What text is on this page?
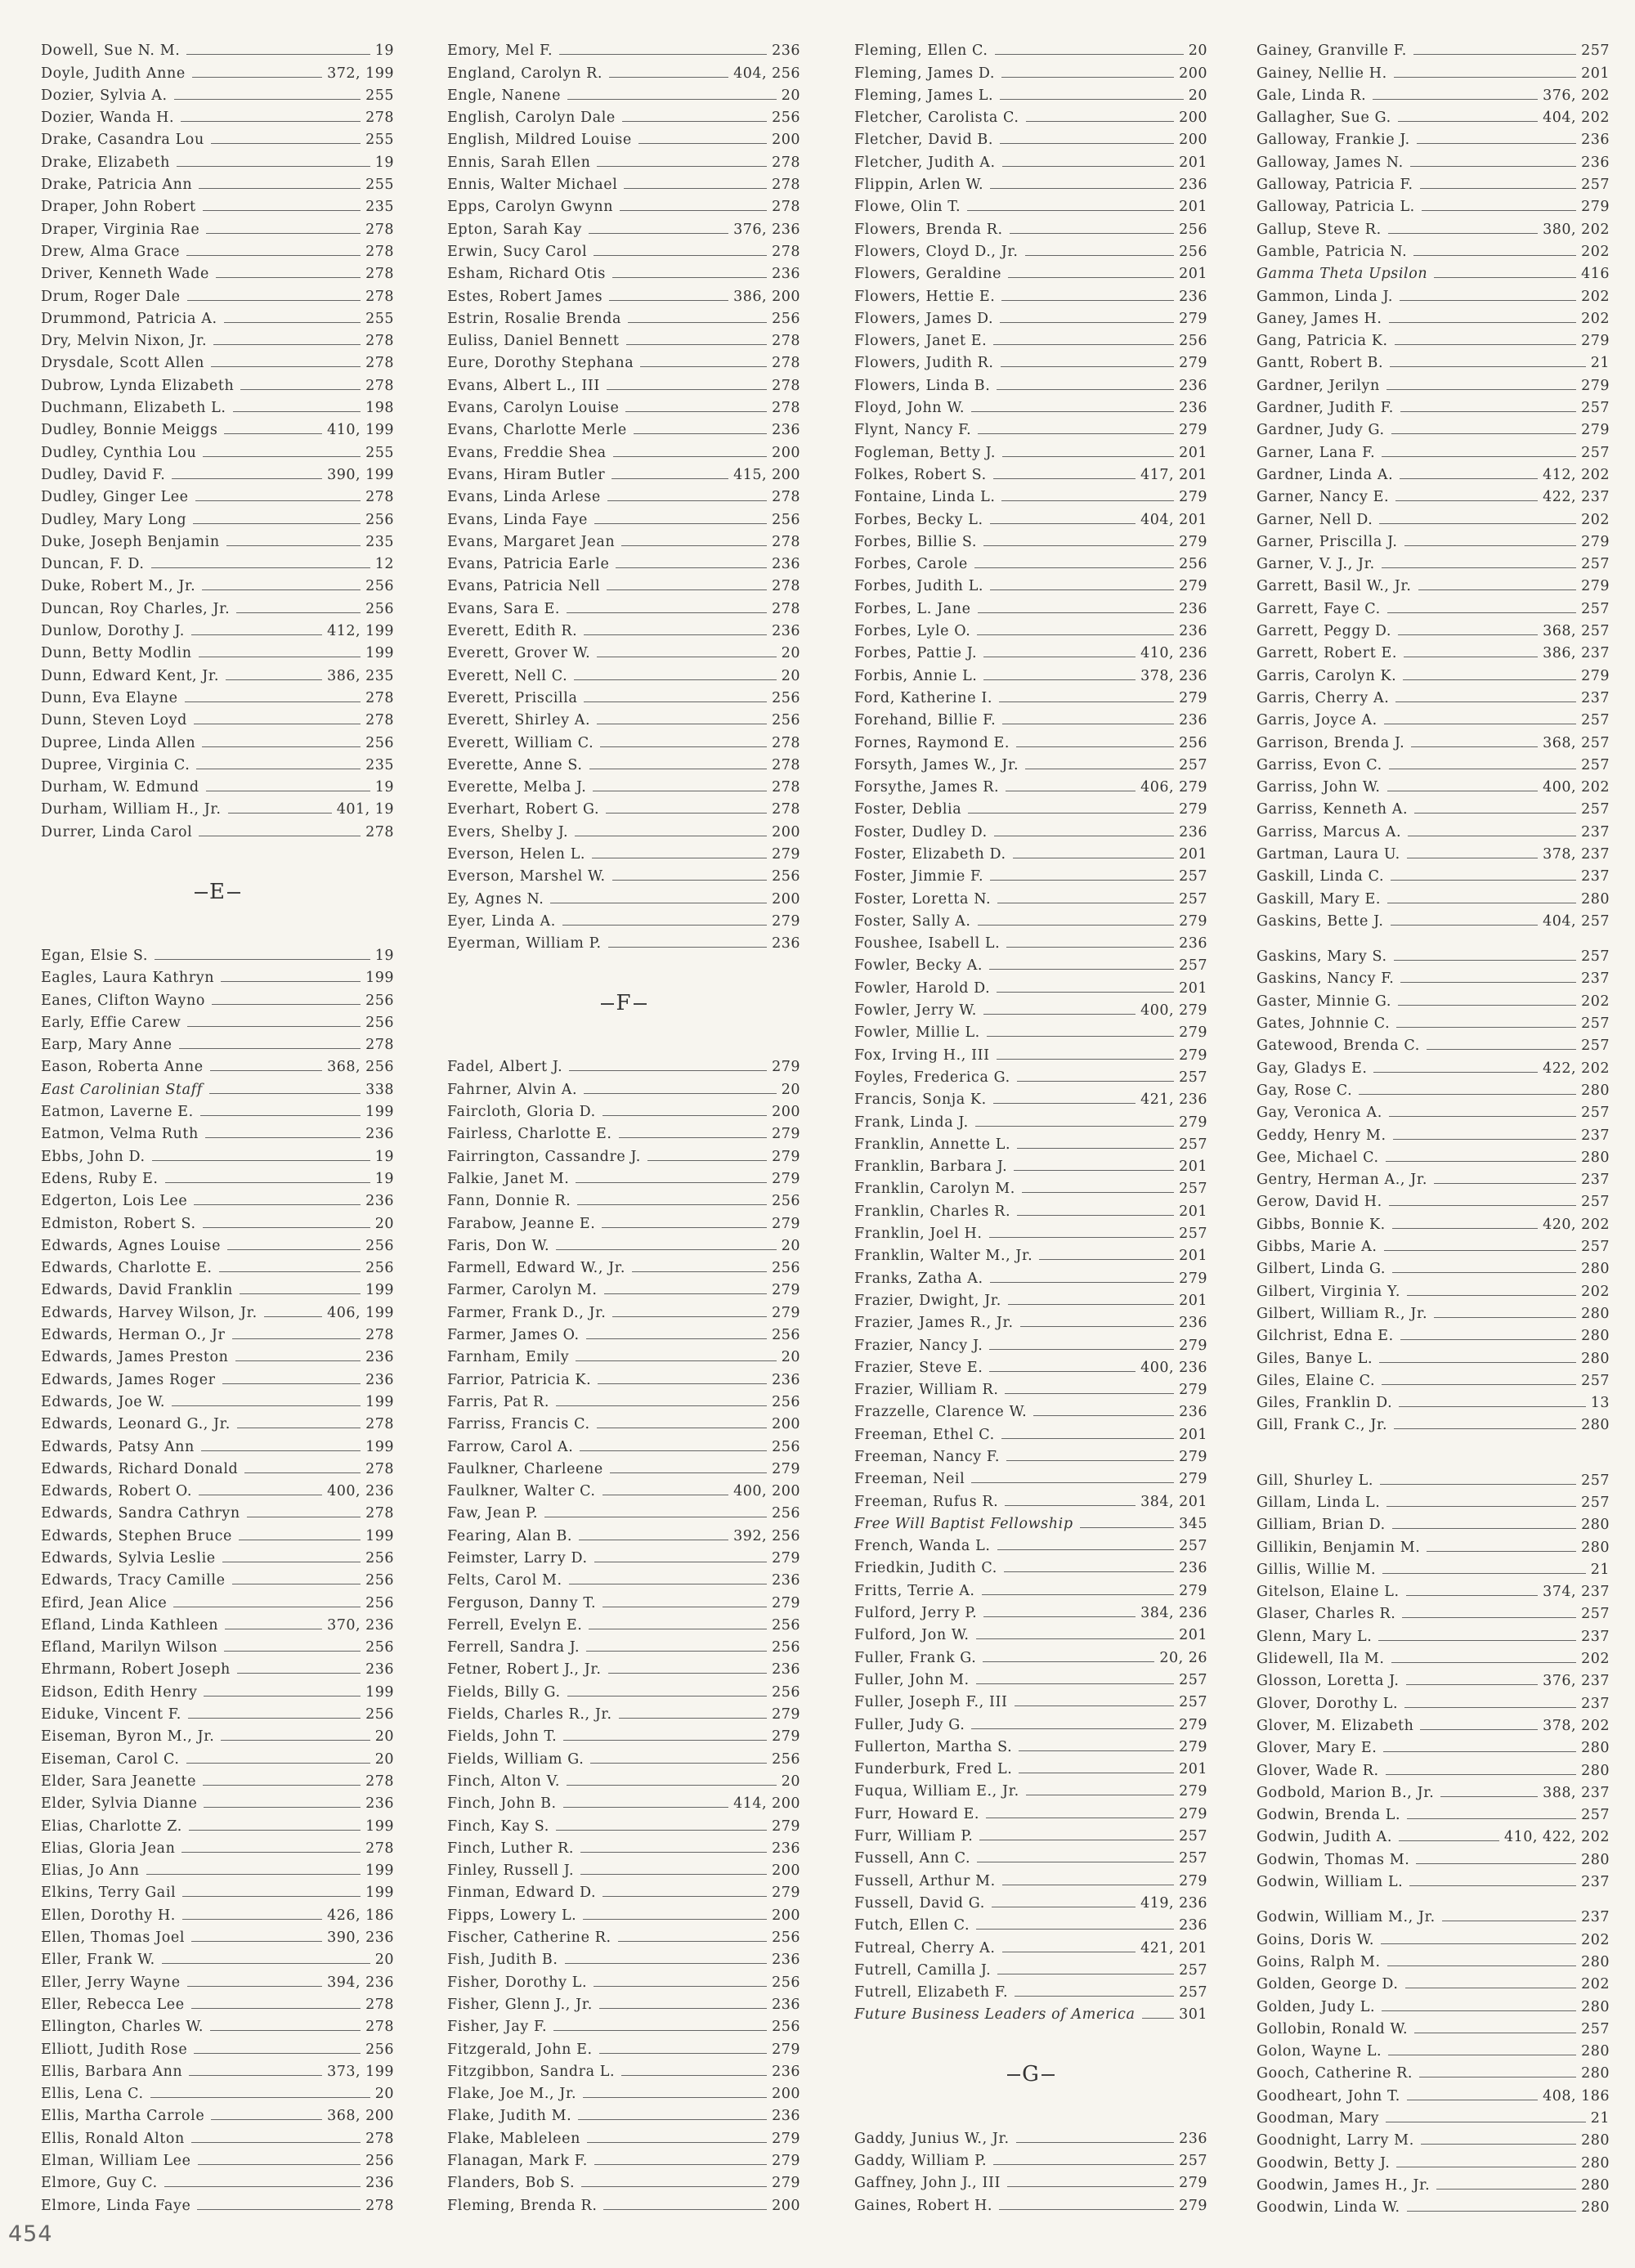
Dowell, Sue N. M.	19
Doyle, Judith Anne	372, 199
Dozier, Sylvia A.	255
Dozier, Wanda H.	278
Drake, Casandra Lou	255
Drake, Elizabeth	19
Drake, Patricia Ann	255
Draper, John Robert	235
Draper, Virginia Rae	278
Drew, Alma Grace	278
Driver, Kenneth Wade	278
Drum, Roger Dale	278
Drummond, Patricia A.	255
Dry, Melvin Nixon, Jr.	278
Drysdale, Scott Allen	278
Dubrow, Lynda Elizabeth	278
Duchmann, Elizabeth L.	198
Dudley, Bonnie Meiggs	410, 199
Dudley, Cynthia Lou	255
Dudley, David F.	390, 199
Dudley, Ginger Lee	278
Dudley, Mary Long	256
Duke, Joseph Benjamin	235
Duncan, F. D.	12
Duke, Robert M., Jr.	256
Duncan, Roy Charles, Jr.	256
Dunlow, Dorothy J.	412, 199
Dunn, Betty Modlin	199
Dunn, Edward Kent, Jr.	386, 235
Dunn, Eva Elayne	278
Dunn, Steven Loyd	278
Dupree, Linda Allen	256
Dupree, Virginia C.	235
Durham, W. Edmund	19
Durham, William H., Jr.	401, 19
Durrer, Linda Carol	278
E
Egan, Elsie S.	19
Eagles, Laura Kathryn	199
Eanes, Clifton Wayno	256
Early, Effie Carew	256
Earp, Mary Anne	278
Eason, Roberta Anne	368, 256
East Carolinian Staff	338
Eatmon, Laverne E.	199
Eatmon, Velma Ruth	236
Ebbs, John D.	19
Edens, Ruby E.	19
Edgerton, Lois Lee	236
Edmiston, Robert S.	20
Edwards, Agnes Louise	256
Edwards, Charlotte E.	256
Edwards, David Franklin	199
Edwards, Harvey Wilson, Jr.	406, 199
Edwards, Herman O., Jr	278
Edwards, James Preston	236
Edwards, James Roger	236
Edwards, Joe W.	199
Edwards, Leonard G., Jr.	278
Edwards, Patsy Ann	199
Edwards, Richard Donald	278
Edwards, Robert O.	400, 236
Edwards, Sandra Cathryn	278
Edwards, Stephen Bruce	199
Edwards, Sylvia Leslie	256
Edwards, Tracy Camille	256
Efird, Jean Alice	256
Efland, Linda Kathleen	370, 236
Efland, Marilyn Wilson	256
Ehrmann, Robert Joseph	236
Eidson, Edith Henry	199
Eiduke, Vincent F.	256
Eiseman, Byron M., Jr.	20
Eiseman, Carol C.	20
Elder, Sara Jeanette	278
Elder, Sylvia Dianne	236
Elias, Charlotte Z.	199
Elias, Gloria Jean	278
Elias, Jo Ann	199
Elkins, Terry Gail	199
Ellen, Dorothy H.	426, 186
Ellen, Thomas Joel	390, 236
Eller, Frank W.	20
Eller, Jerry Wayne	394, 236
Eller, Rebecca Lee	278
Ellington, Charles W.	278
Elliott, Judith Rose	256
Ellis, Barbara Ann	373, 199
Ellis, Lena C.	20
Ellis, Martha Carrole	368, 200
Ellis, Ronald Alton	278
Elman, William Lee	256
Elmore, Guy C.	236
Elmore, Linda Faye	278
Emory, Mel F.	236
England, Carolyn R.	404, 256
Engle, Nanene	20
English, Carolyn Dale	256
English, Mildred Louise	200
Ennis, Sarah Ellen	278
Ennis, Walter Michael	278
Epps, Carolyn Gwynn	278
Epton, Sarah Kay	376, 236
Erwin, Sucy Carol	278
Esham, Richard Otis	236
Estes, Robert James	386, 200
Estrin, Rosalie Brenda	256
Euliss, Daniel Bennett	278
Eure, Dorothy Stephana	278
Evans, Albert L., III	278
Evans, Carolyn Louise	278
Evans, Charlotte Merle	236
Evans, Freddie Shea	200
Evans, Hiram Butler	415, 200
Evans, Linda Arlese	278
Evans, Linda Faye	256
Evans, Margaret Jean	278
Evans, Patricia Earle	236
Evans, Patricia Nell	278
Evans, Sara E.	278
Everett, Edith R.	236
Everett, Grover W.	20
Everett, Nell C.	20
Everett, Priscilla	256
Everett, Shirley A.	256
Everett, William C.	278
Everette, Anne S.	278
Everette, Melba J.	278
Everhart, Robert G.	278
Evers, Shelby J.	200
Everson, Helen L.	279
Everson, Marshel W.	256
Ey, Agnes N.	200
Eyer, Linda A.	279
Eyerman, William P.	236
F
Fadel, Albert J.	279
Fahrner, Alvin A.	20
Faircloth, Gloria D.	200
Fairless, Charlotte E.	279
Fairrington, Cassandre J.	279
Falkie, Janet M.	279
Fann, Donnie R.	256
Farabow, Jeanne E.	279
Faris, Don W.	20
Farmell, Edward W., Jr.	256
Farmer, Carolyn M.	279
Farmer, Frank D., Jr.	279
Farmer, James O.	256
Farnham, Emily	20
Farrior, Patricia K.	236
Farris, Pat R.	256
Farriss, Francis C.	200
Farrow, Carol A.	256
Faulkner, Charleene	279
Faulkner, Walter C.	400, 200
Faw, Jean P.	256
Fearing, Alan B.	392, 256
Feimster, Larry D.	279
Felts, Carol M.	236
Ferguson, Danny T.	279
Ferrell, Evelyn E.	256
Ferrell, Sandra J.	256
Fetner, Robert J., Jr.	236
Fields, Billy G.	256
Fields, Charles R., Jr.	279
Fields, John T.	279
Fields, William G.	256
Finch, Alton V.	20
Finch, John B.	414, 200
Finch, Kay S.	279
Finch, Luther R.	236
Finley, Russell J.	200
Finman, Edward D.	279
Fipps, Lowery L.	200
Fischer, Catherine R.	256
Fish, Judith B.	236
Fisher, Dorothy L.	256
Fisher, Glenn J., Jr.	236
Fisher, Jay F.	256
Fitzgerald, John E.	279
Fitzgibbon, Sandra L.	236
Flake, Joe M., Jr.	200
Flake, Judith M.	236
Flake, Mableleen	279
Flanagan, Mark F.	279
Flanders, Bob S.	279
Fleming, Brenda R.	200
Fleming, Ellen C.	20
Fleming, James D.	200
Fleming, James L.	20
Fletcher, Carolista C.	200
Fletcher, David B.	200
Fletcher, Judith A.	201
Flippin, Arlen W.	236
Flowe, Olin T.	201
Flowers, Brenda R.	256
Flowers, Cloyd D., Jr.	256
Flowers, Geraldine	201
Flowers, Hettie E.	236
Flowers, James D.	279
Flowers, Janet E.	256
Flowers, Judith R.	279
Flowers, Linda B.	236
Floyd, John W.	236
Flynt, Nancy F.	279
Fogleman, Betty J.	201
Folkes, Robert S.	417, 201
Fontaine, Linda L.	279
Forbes, Becky L.	404, 201
Forbes, Billie S.	279
Forbes, Carole	256
Forbes, Judith L.	279
Forbes, L. Jane	236
Forbes, Lyle O.	236
Forbes, Pattie J.	410, 236
Forbis, Annie L.	378, 236
Ford, Katherine I.	279
Forehand, Billie F.	236
Fornes, Raymond E.	256
Forsyth, James W., Jr.	257
Forsythe, James R.	406, 279
Foster, Deblia	279
Foster, Dudley D.	236
Foster, Elizabeth D.	201
Foster, Jimmie F.	257
Foster, Loretta N.	257
Foster, Sally A.	279
Foushee, Isabell L.	236
Fowler, Becky A.	257
Fowler, Harold D.	201
Fowler, Jerry W.	400, 279
Fowler, Millie L.	279
Fox, Irving H., III	279
Foyles, Frederica G.	257
Francis, Sonja K.	421, 236
Frank, Linda J.	279
Franklin, Annette L.	257
Franklin, Barbara J.	201
Franklin, Carolyn M.	257
Franklin, Charles R.	201
Franklin, Joel H.	257
Franklin, Walter M., Jr.	201
Franks, Zatha A.	279
Frazier, Dwight, Jr.	201
Frazier, James R., Jr.	236
Frazier, Nancy J.	279
Frazier, Steve E.	400, 236
Frazier, William R.	279
Frazzelle, Clarence W.	236
Freeman, Ethel C.	201
Freeman, Nancy F.	279
Freeman, Neil	279
Freeman, Rufus R.	384, 201
Free Will Baptist Fellowship	345
French, Wanda L.	257
Friedkin, Judith C.	236
Fritts, Terrie A.	279
Fulford, Jerry P.	384, 236
Fulford, Jon W.	201
Fuller, Frank G.	20, 26
Fuller, John M.	257
Fuller, Joseph F., III	257
Fuller, Judy G.	279
Fullerton, Martha S.	279
Funderburk, Fred L.	201
Fuqua, William E., Jr.	279
Furr, Howard E.	279
Furr, William P.	257
Fussell, Ann C.	257
Fussell, Arthur M.	279
Fussell, David G.	419, 236
Futch, Ellen C.	236
Futreal, Cherry A.	421, 201
Futrell, Camilla J.	257
Futrell, Elizabeth F.	257
Future Business Leaders of America	301
G
Gaddy, Junius W., Jr.	236
Gaddy, William P.	257
Gaffney, John J., III	279
Gaines, Robert H.	279
Gainey, Granville F.	257
Gainey, Nellie H.	201
Gale, Linda R.	376, 202
Gallagher, Sue G.	404, 202
Galloway, Frankie J.	236
Galloway, James N.	236
Galloway, Patricia F.	257
Galloway, Patricia L.	279
Gallup, Steve R.	380, 202
Gamble, Patricia N.	202
Gamma Theta Upsilon	416
Gammon, Linda J.	202
Ganey, James H.	202
Gang, Patricia K.	279
Gantt, Robert B.	21
Gardner, Jerilyn	279
Gardner, Judith F.	257
Gardner, Judy G.	279
Garner, Lana F.	257
Gardner, Linda A.	412, 202
Garner, Nancy E.	422, 237
Garner, Nell D.	202
Garner, Priscilla J.	279
Garner, V. J., Jr.	257
Garrett, Basil W., Jr.	279
Garrett, Faye C.	257
Garrett, Peggy D.	368, 257
Garrett, Robert E.	386, 237
Garris, Carolyn K.	279
Garris, Cherry A.	237
Garris, Joyce A.	257
Garrison, Brenda J.	368, 257
Garriss, Evon C.	257
Garriss, John W.	400, 202
Garriss, Kenneth A.	257
Garriss, Marcus A.	237
Gartman, Laura U.	378, 237
Gaskill, Linda C.	237
Gaskill, Mary E.	280
Gaskins, Bette J.	404, 257
Gaskins, Mary S.	257
Gaskins, Nancy F.	237
Gaster, Minnie G.	202
Gates, Johnnie C.	257
Gatewood, Brenda C.	257
Gay, Gladys E.	422, 202
Gay, Rose C.	280
Gay, Veronica A.	257
Geddy, Henry M.	237
Gee, Michael C.	280
Gentry, Herman A., Jr.	237
Gerow, David H.	257
Gibbs, Bonnie K.	420, 202
Gibbs, Marie A.	257
Gilbert, Linda G.	280
Gilbert, Virginia Y.	202
Gilbert, William R., Jr.	280
Gilchrist, Edna E.	280
Giles, Banye L.	280
Giles, Elaine C.	257
Giles, Franklin D.	13
Gill, Frank C., Jr.	280
Gill, Shurley L.	257
Gillam, Linda L.	257
Gilliam, Brian D.	280
Gillikin, Benjamin M.	280
Gillis, Willie M.	21
Gitelson, Elaine L.	374, 237
Glaser, Charles R.	257
Glenn, Mary L.	237
Glidewell, Ila M.	202
Glosson, Loretta J.	376, 237
Glover, Dorothy L.	237
Glover, M. Elizabeth	378, 202
Glover, Mary E.	280
Glover, Wade R.	280
Godbold, Marion B., Jr.	388, 237
Godwin, Brenda L.	257
Godwin, Judith A.	410, 422, 202
Godwin, Thomas M.	280
Godwin, William L.	237
Godwin, William M., Jr.	237
Goins, Doris W.	202
Goins, Ralph M.	280
Golden, George D.	202
Golden, Judy L.	280
Gollobin, Ronald W.	257
Golon, Wayne L.	280
Gooch, Catherine R.	280
Goodheart, John T.	408, 186
Goodman, Mary	21
Goodnight, Larry M.	280
Goodwin, Betty J.	280
Goodwin, James H., Jr.	280
Goodwin, Linda W.	280
454
